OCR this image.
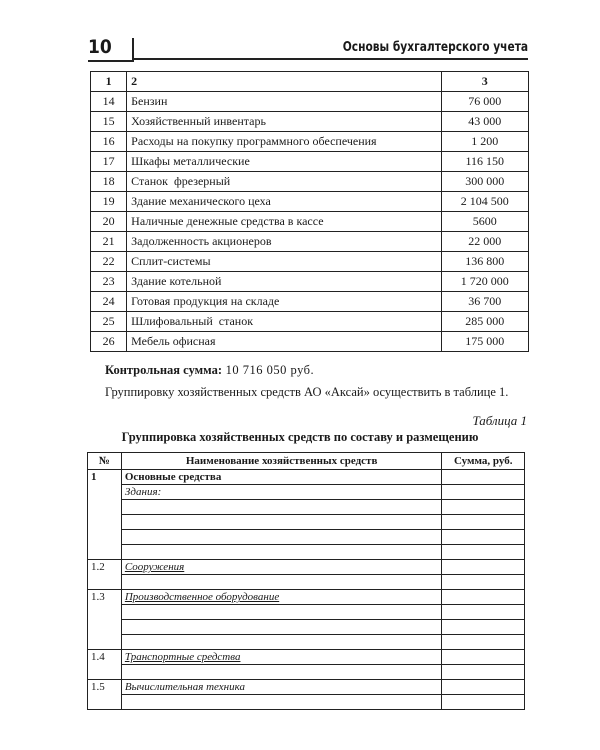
10	Основы бухгалтерского учета
1	2	3
14	Бензин	76 000
15	Хозяйственный инвентарь	43 000
16	Расходы на покупку программного обеспечения	1 200
17	Шкафы металлические	116 150
18	Станок  фрезерный	300 000
19	Здание механического цеха	2 104 500
20	Наличные денежные средства в кассе	5600
21	Задолженность акционеров	22 000
22	Сплит-системы	136 800
23	Здание котельной	1 720 000
24	Готовая продукция на складе	36 700
25	Шлифовальный  станок	285 000
26	Мебель офисная	175 000
Контрольная сумма: 10 716 050 руб.
Группировку хозяйственных средств АО «Аксай» осуществить в таблице 1.
Таблица 1
Группировка хозяйственных средств по составу и размещению
№	Наименование хозяйственных средств	Сумма, руб.
1	Основные средства	
	Здания:	

1.2	Сооружения	

1.3	Производственное оборудование	

1.4	Транспортные средства	

1.5	Вычислительная техника	
